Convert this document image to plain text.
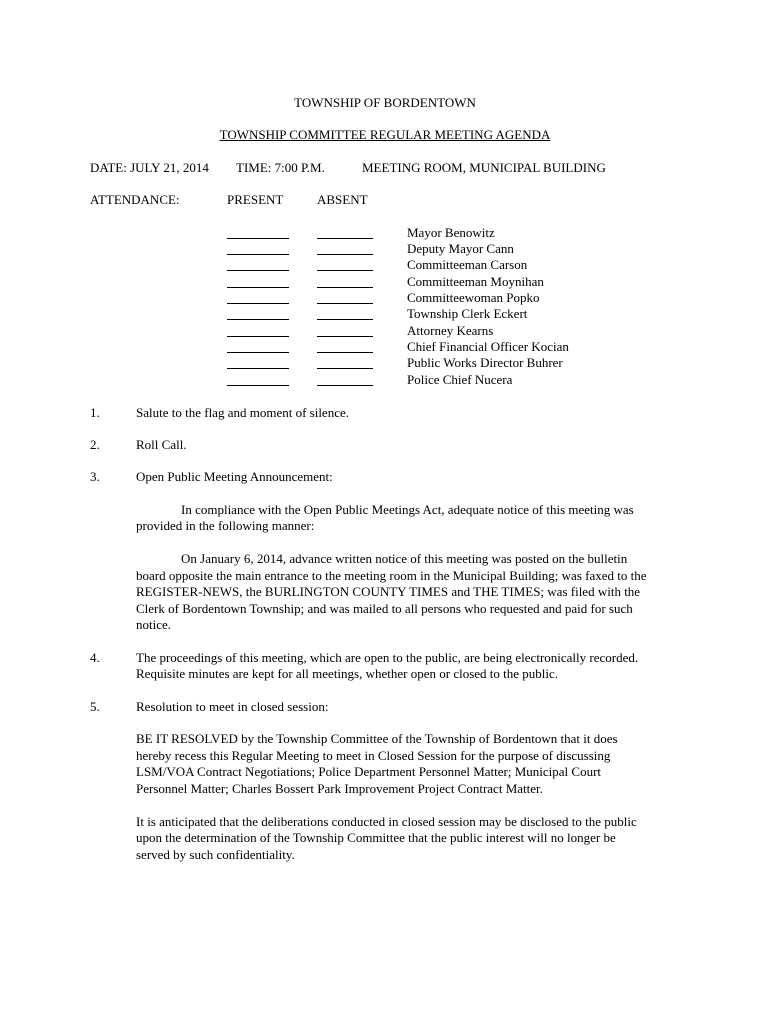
TOWNSHIP OF BORDENTOWN
TOWNSHIP COMMITTEE REGULAR MEETING AGENDA
DATE: JULY 21, 2014 TIME: 7:00 P.M.	MEETING ROOM, MUNICIPAL BUILDING
ATTENDANCE:	PRESENT	ABSENT
Mayor Benowitz
Deputy Mayor Cann
Committeeman Carson
Committeeman Moynihan
Committeewoman Popko
Township Clerk Eckert
Attorney Kearns
Chief Financial Officer Kocian
Public Works Director Buhrer
Police Chief Nucera
1.	Salute to the flag and moment of silence.
2.	Roll Call.
3.	Open Public Meeting Announcement:
In compliance with the Open Public Meetings Act, adequate notice of this meeting was
provided in the following manner:
On January 6, 2014, advance written notice of this meeting was posted on the bulletin
board opposite the main entrance to the meeting room in the Municipal Building; was faxed to the
REGISTER-NEWS, the BURLINGTON COUNTY TIMES and THE TIMES; was filed with the
Clerk of Bordentown Township; and was mailed to all persons who requested and paid for such
notice.
4.	The proceedings of this meeting, which are open to the public, are being electronically recorded.
Requisite minutes are kept for all meetings, whether open or closed to the public.
5.	Resolution to meet in closed session:
BE IT RESOLVED by the Township Committee of the Township of Bordentown that it does
hereby recess this Regular Meeting to meet in Closed Session for the purpose of discussing
LSM/VOA Contract Negotiations; Police Department Personnel Matter; Municipal Court
Personnel Matter; Charles Bossert Park Improvement Project Contract Matter.
It is anticipated that the deliberations conducted in closed session may be disclosed to the public
upon the determination of the Township Committee that the public interest will no longer be
served by such confidentiality.
